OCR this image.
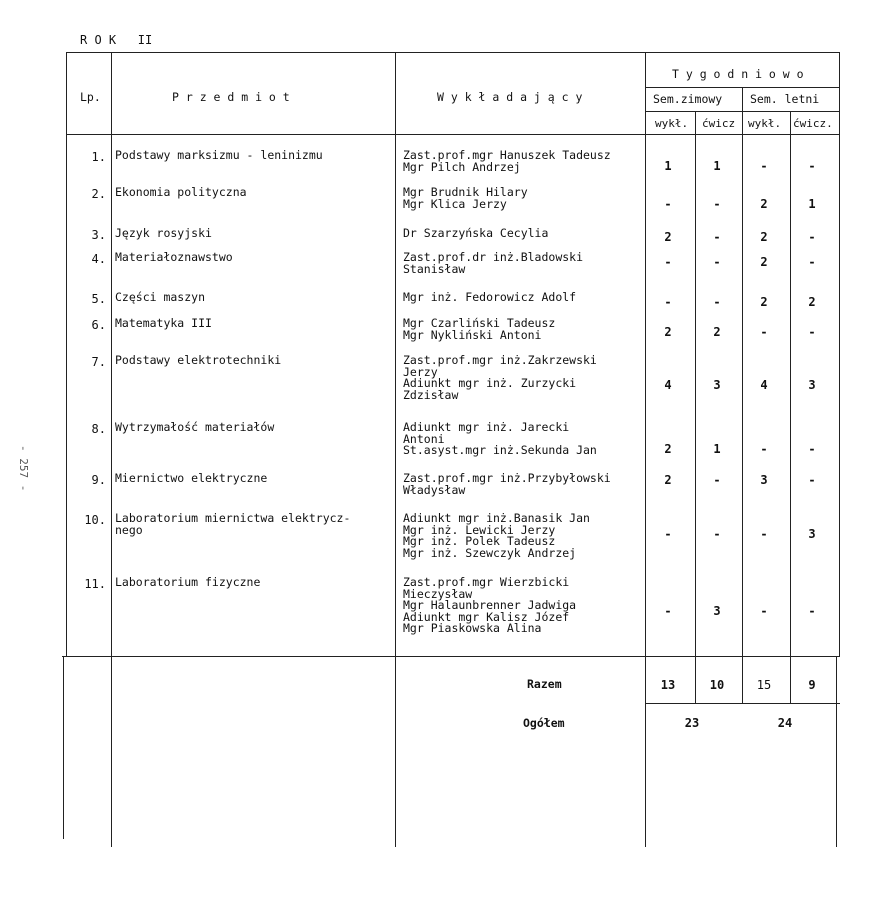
R O K   II
- 257 -
Lp.	P r z e d m i o t	W y k ł a d a j ą c y
T y g o d n i o w o
Sem.zimowy Sem. letni
wykł. ćwicz wykł. ćwicz.
1. Podstawy marksizmu - leninizmu	Zast.prof.mgr Hanuszek Tadeusz
Mgr Pilch Andrzej	1	1	-	-
2. Ekonomia polityczna	Mgr Brudnik Hilary
Mgr Klica Jerzy	-	-	2	1
3. Język rosyjski	Dr Szarzyńska Cecylia	2	-	2	-
4. Materiałoznawstwo	Zast.prof.dr inż.Bladowski
Stanisław	-	-	2	-
5. Części maszyn	Mgr inż. Fedorowicz Adolf	-	-	2	2
6. Matematyka III	Mgr Czarliński Tadeusz
Mgr Nykliński Antoni	2	2	-	-
7. Podstawy elektrotechniki	Zast.prof.mgr inż.Zakrzewski
Jerzy
Adiunkt mgr inż. Zurzycki
Zdzisław
4	3	4	3
8. Wytrzymałość materiałów	Adiunkt mgr inż. Jarecki
Antoni
St.asyst.mgr inż.Sekunda Jan	2	1	-	-
9. Miernictwo elektryczne	Zast.prof.mgr inż.Przybyłowski
Władysław
2	-	3	-
10. Laboratorium miernictwa elektrycz-
nego
Adiunkt mgr inż.Banasik Jan
Mgr inż. Lewicki Jerzy
Mgr inż. Polek Tadeusz
Mgr inż. Szewczyk Andrzej
-	-	-	3
11. Laboratorium fizyczne	Zast.prof.mgr Wierzbicki
Mieczysław
Mgr Halaunbrenner Jadwiga
Adiunkt mgr Kalisz Józef
Mgr Piaskowska Alina
-	3	-	-
Razem	13	10	15	9
Ogółem	23	24
